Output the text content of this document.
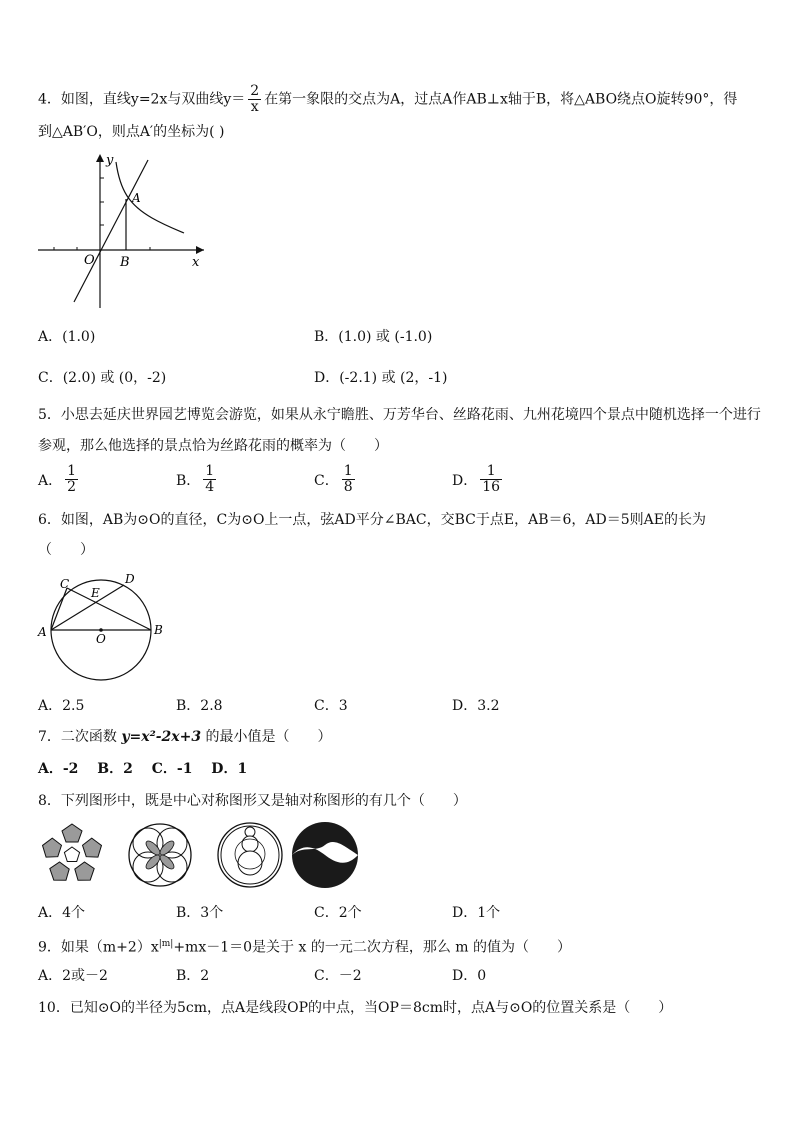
4．如图，直线y=2x与双曲线$y= \frac{2}{x}$ 在第一象限的交点为A，过点A作AB⊥x轴于B，将△ABO绕点O旋转90°，得
到△AB′O，则点A′的坐标为( )
y
x
O
A
B
A．(1.0)	B．(1.0) 或 (-1.0)
C．(2.0) 或 (0，-2)	D．(-2.1) 或 (2，-1)
5．小思去延庆世界园艺博览会游览，如果从永宁瞻胜、万芳华台、丝路花雨、九州花境四个景点中随机选择一个进行
参观，那么他选择的景点恰为丝路花雨的概率为（　　）
A． $\frac{1}{2}$	B． $\frac{1}{4}$	C． $\frac{1}{8}$	D． $\frac{1}{16}$
6．如图，AB为⊙O的直径，C为⊙O上一点，弦AD平分∠BAC，交BC于点E，AB＝6，AD＝5则AE的长为
（　　）
C	D
E
A	B
O
A．2.5	B．2.8	C．3	D．3.2
7．二次函数 y=x²-2x+3 的最小值是（　　）
A．-2　 B．2　 C．-1　 D．1
8．下列图形中，既是中心对称图形又是轴对称图形的有几个（　　）
A．4个	B．3个	C．2个	D．1个
9．如果$(m+2)x^{|m|}+mx-1=0$是关于 x 的一元二次方程，那么 m 的值为（　　）
A．2或－2	B．2	C．－2	D．0
10．已知⊙O的半径为5cm，点A是线段OP的中点，当OP＝8cm时，点A与⊙O的位置关系是（　　）
